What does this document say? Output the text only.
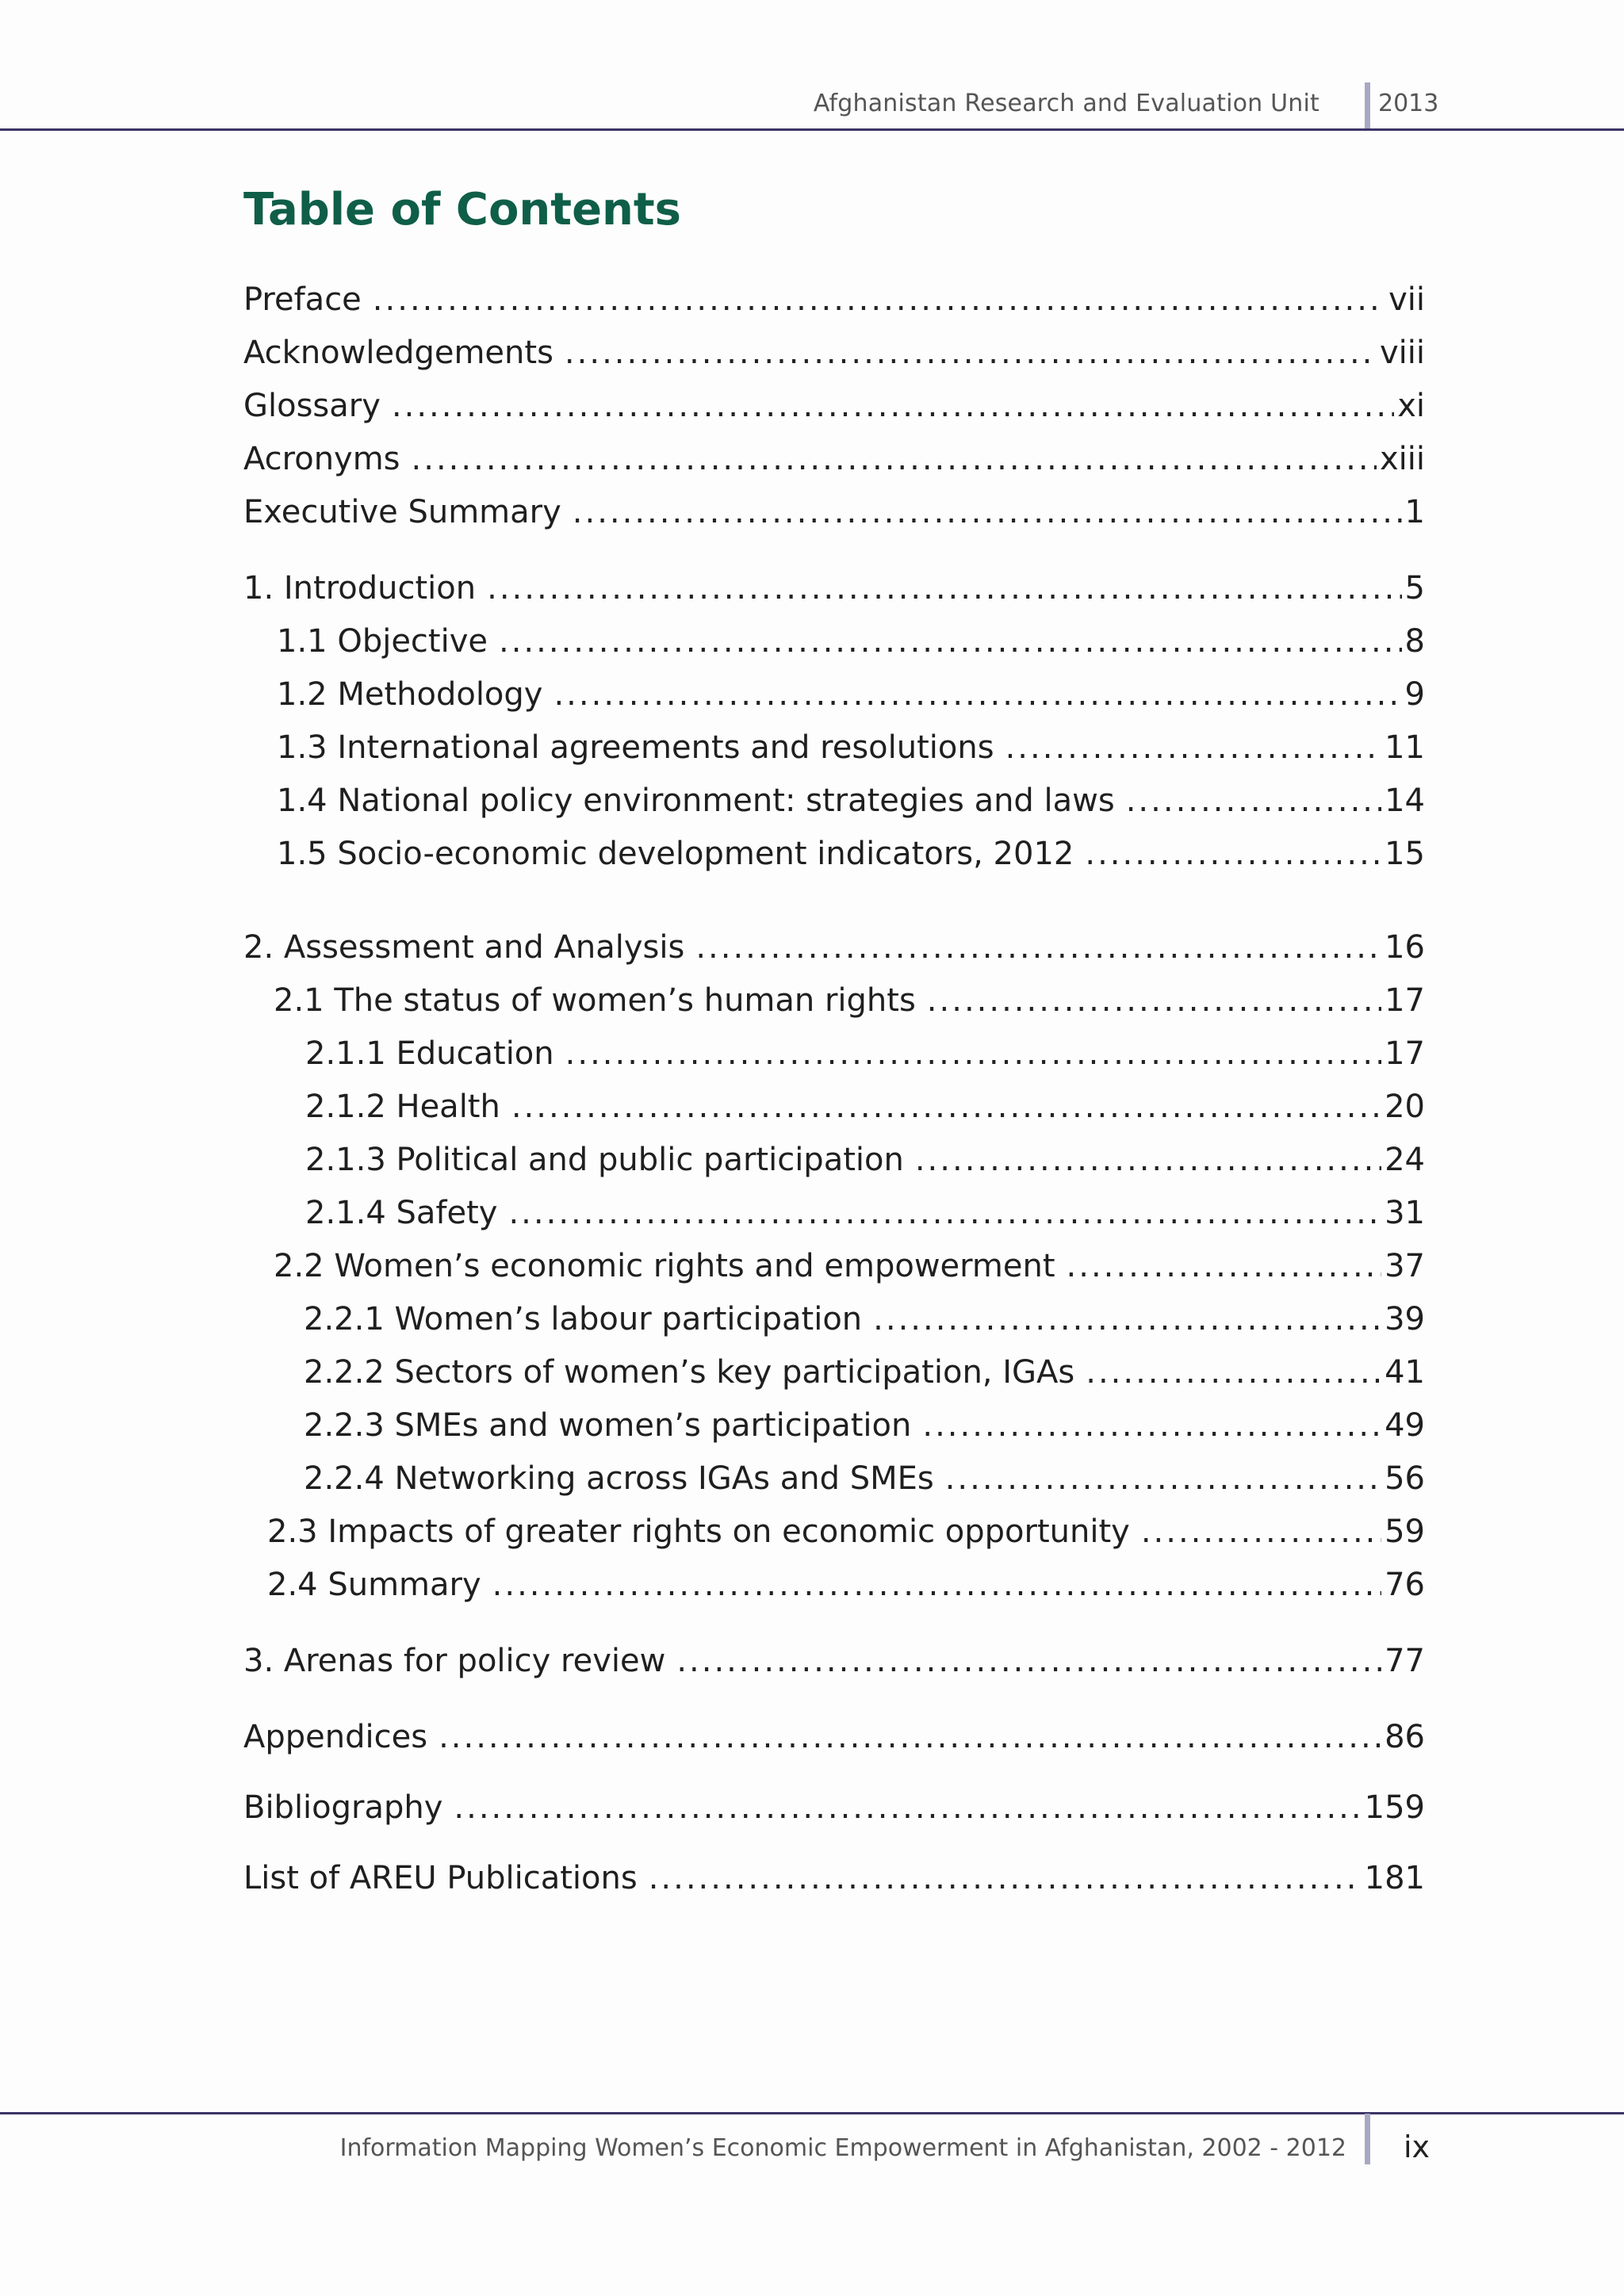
Afghanistan Research and Evaluation Unit 2013
Table of Contents
Preface .....	vii
Acknowledgements .....	viii
Glossary .....	xi
Acronyms .....	xiii
Executive Summary .....	1
1. Introduction .....	5
1.1 Objective .....	8
1.2 Methodology .....	9
1.3 International agreements and resolutions .....	11
1.4 National policy environment: strategies and laws .....	14
1.5 Socio-economic development indicators, 2012 .....	15
2. Assessment and Analysis .....	16
2.1 The status of women’s human rights .....	17
2.1.1 Education .....	17
2.1.2 Health .....	20
2.1.3 Political and public participation .....	24
2.1.4 Safety .....	31
2.2 Women’s economic rights and empowerment .....	37
2.2.1 Women’s labour participation .....	39
2.2.2 Sectors of women’s key participation, IGAs .....	41
2.2.3 SMEs and women’s participation .....	49
2.2.4 Networking across IGAs and SMEs .....	56
2.3 Impacts of greater rights on economic opportunity .....	59
2.4 Summary .....	76
3. Arenas for policy review .....	77
Appendices .....	86
Bibliography .....	159
List of AREU Publications .....	181
Information Mapping Women’s Economic Empowerment in Afghanistan, 2002 - 2012 ix
